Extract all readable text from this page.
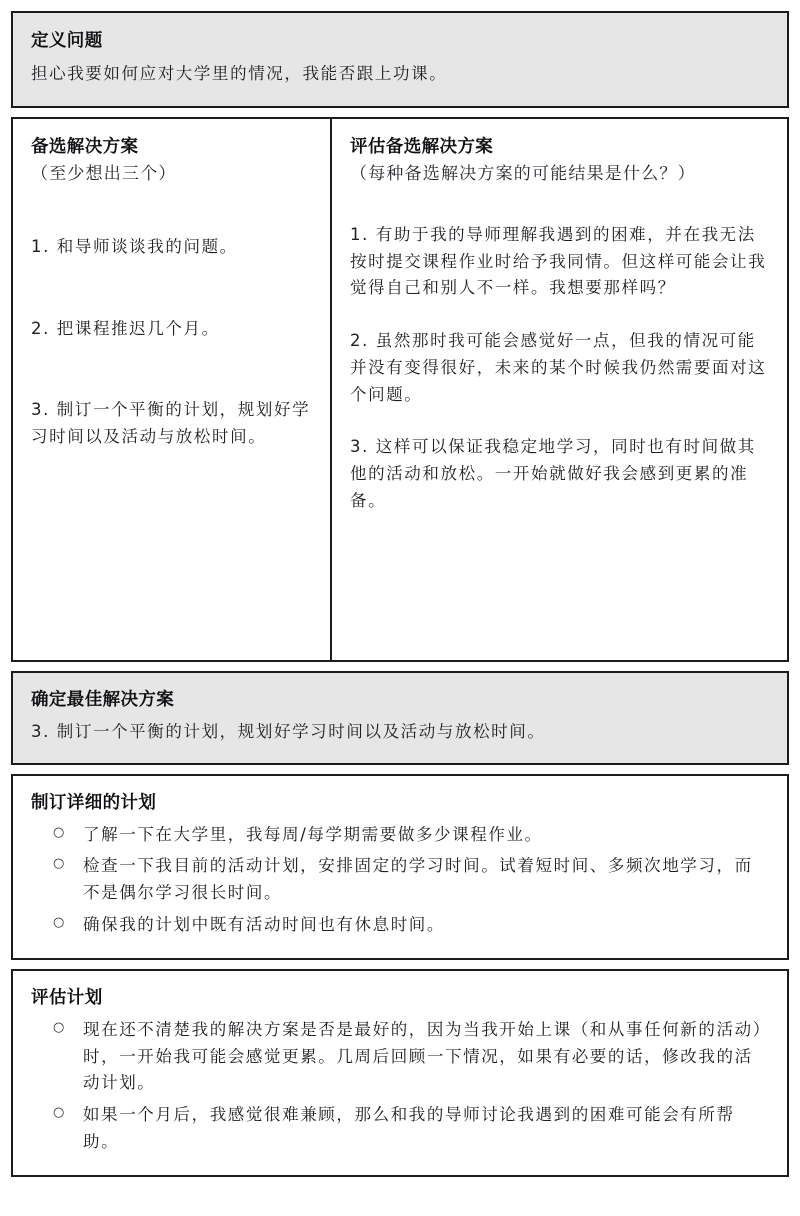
定义问题
担心我要如何应对大学里的情况，我能否跟上功课。
备选解决方案
（至少想出三个）
1. 和导师谈谈我的问题。
2. 把课程推迟几个月。
3. 制订一个平衡的计划，规划好学习时间以及活动与放松时间。
评估备选解决方案
（每种备选解决方案的可能结果是什么？）
1. 有助于我的导师理解我遇到的困难，并在我无法按时提交课程作业时给予我同情。但这样可能会让我觉得自己和别人不一样。我想要那样吗？
2. 虽然那时我可能会感觉好一点，但我的情况可能并没有变得很好，未来的某个时候我仍然需要面对这个问题。
3. 这样可以保证我稳定地学习，同时也有时间做其他的活动和放松。一开始就做好我会感到更累的准备。
确定最佳解决方案
3. 制订一个平衡的计划，规划好学习时间以及活动与放松时间。
制订详细的计划
○ 了解一下在大学里，我每周/每学期需要做多少课程作业。
○ 检查一下我目前的活动计划，安排固定的学习时间。试着短时间、多频次地学习，而不是偶尔学习很长时间。
○ 确保我的计划中既有活动时间也有休息时间。
评估计划
○ 现在还不清楚我的解决方案是否是最好的，因为当我开始上课（和从事任何新的活动）时，一开始我可能会感觉更累。几周后回顾一下情况，如果有必要的话，修改我的活动计划。
○ 如果一个月后，我感觉很难兼顾，那么和我的导师讨论我遇到的困难可能会有所帮助。
